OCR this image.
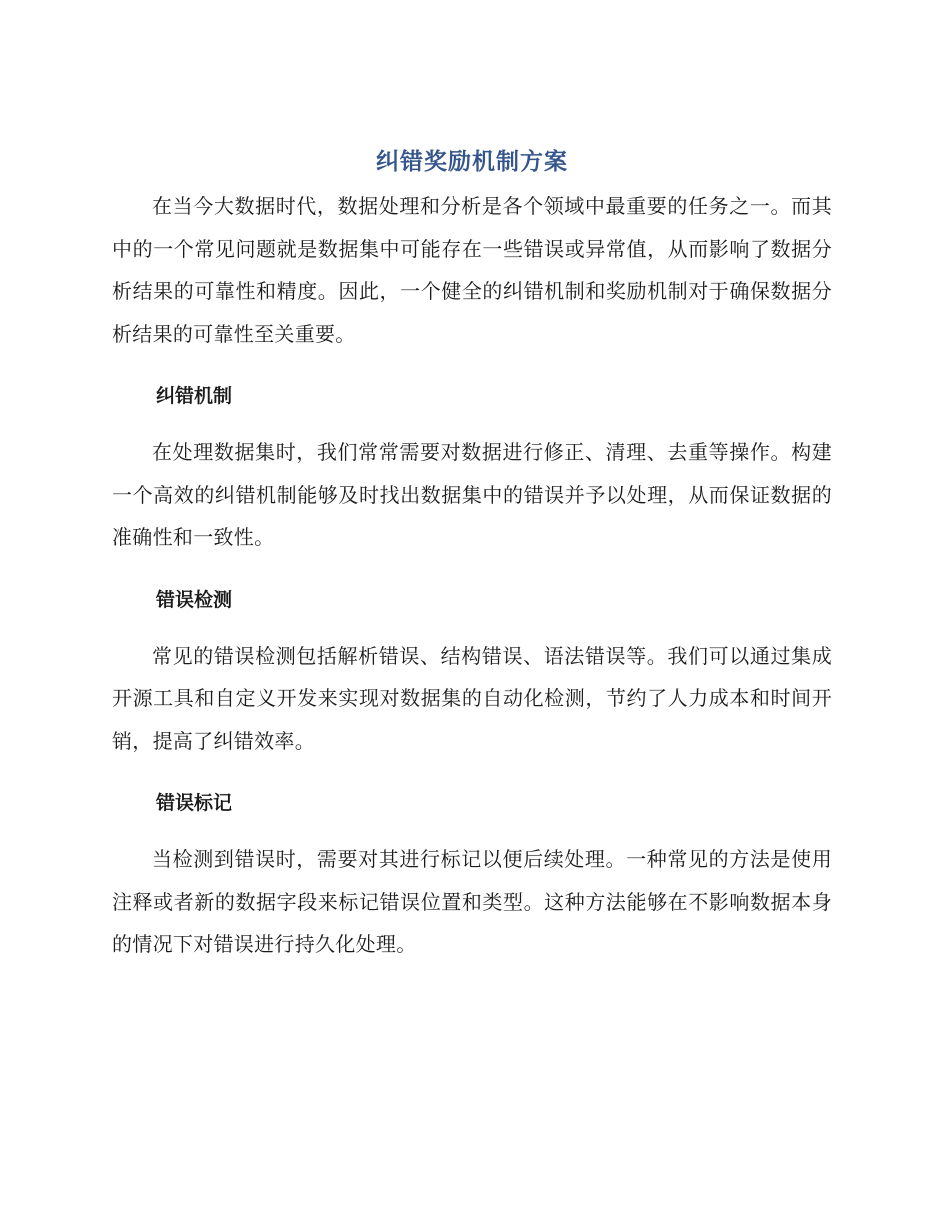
纠错奖励机制方案

在当今大数据时代，数据处理和分析是各个领域中最重要的任务之一。而其中的一个常见问题就是数据集中可能存在一些错误或异常值，从而影响了数据分析结果的可靠性和精度。因此，一个健全的纠错机制和奖励机制对于确保数据分析结果的可靠性至关重要。

纠错机制

在处理数据集时，我们常常需要对数据进行修正、清理、去重等操作。构建一个高效的纠错机制能够及时找出数据集中的错误并予以处理，从而保证数据的准确性和一致性。

错误检测

常见的错误检测包括解析错误、结构错误、语法错误等。我们可以通过集成开源工具和自定义开发来实现对数据集的自动化检测，节约了人力成本和时间开销，提高了纠错效率。

错误标记

当检测到错误时，需要对其进行标记以便后续处理。一种常见的方法是使用注释或者新的数据字段来标记错误位置和类型。这种方法能够在不影响数据本身的情况下对错误进行持久化处理。
